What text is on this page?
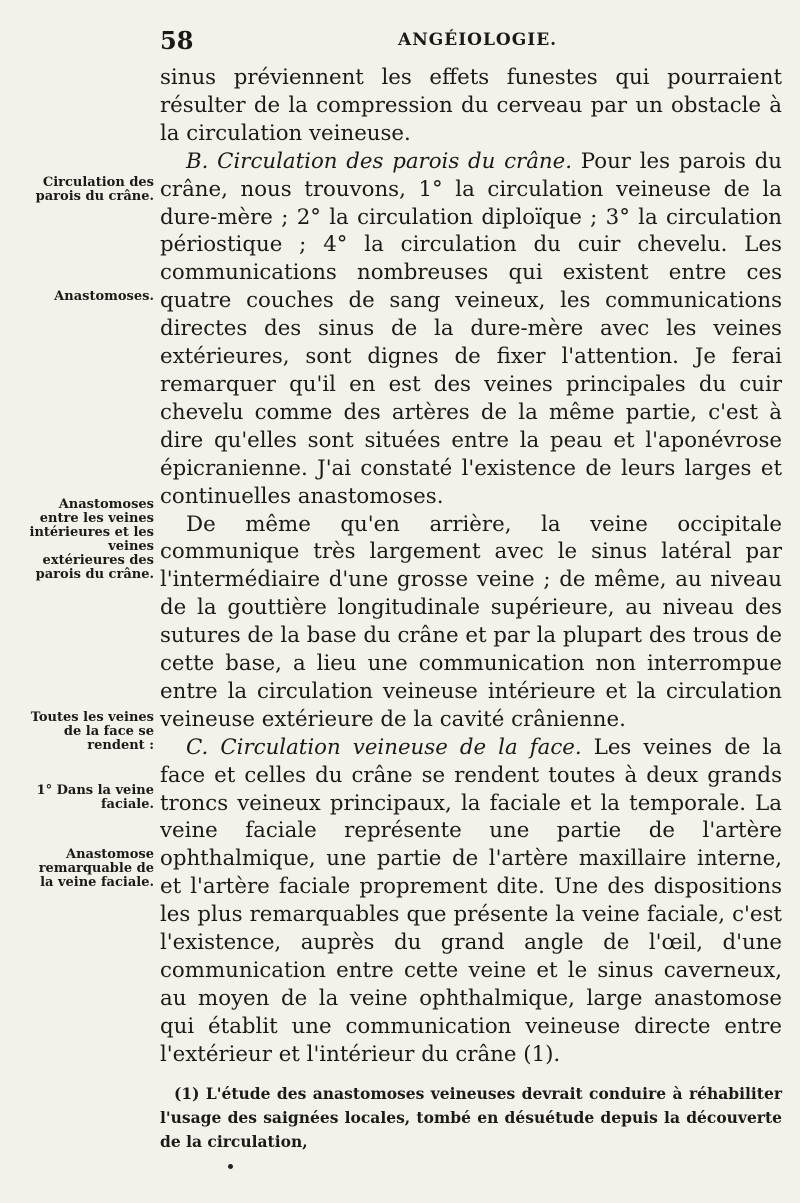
58	ANGÉIOLOGIE.
Circulation des parois du crâne.
Anastomoses.
Anastomoses entre les veines intérieures et les veines extérieures des parois du crâne.
Toutes les veines de la face se rendent :
1° Dans la veine faciale.
Anastomose remarquable de la veine faciale.

sinus préviennent les effets funestes qui pourraient résulter de la compression du cerveau par un obstacle à la circulation veineuse.

B. Circulation des parois du crâne. Pour les parois du crâne, nous trouvons, 1° la circulation veineuse de la dure-mère ; 2° la circulation diploïque ; 3° la circulation périostique ; 4° la circulation du cuir chevelu. Les communications nombreuses qui existent entre ces quatre couches de sang veineux, les communications directes des sinus de la dure-mère avec les veines extérieures, sont dignes de fixer l'attention. Je ferai remarquer qu'il en est des veines principales du cuir chevelu comme des artères de la même partie, c'est à dire qu'elles sont situées entre la peau et l'aponévrose épicranienne. J'ai constaté l'existence de leurs larges et continuelles anastomoses.

De même qu'en arrière, la veine occipitale communique très largement avec le sinus latéral par l'intermédiaire d'une grosse veine ; de même, au niveau de la gouttière longitudinale supérieure, au niveau des sutures de la base du crâne et par la plupart des trous de cette base, a lieu une communication non interrompue entre la circulation veineuse intérieure et la circulation veineuse extérieure de la cavité crânienne.

C. Circulation veineuse de la face. Les veines de la face et celles du crâne se rendent toutes à deux grands troncs veineux principaux, la faciale et la temporale. La veine faciale représente une partie de l'artère ophthalmique, une partie de l'artère maxillaire interne, et l'artère faciale proprement dite. Une des dispositions les plus remarquables que présente la veine faciale, c'est l'existence, auprès du grand angle de l'œil, d'une communication entre cette veine et le sinus caverneux, au moyen de la veine ophthalmique, large anastomose qui établit une communication veineuse directe entre l'extérieur et l'intérieur du crâne (1).

(1) L'étude des anastomoses veineuses devrait conduire à réhabiliter l'usage des saignées locales, tombé en désuétude depuis la découverte de la circulation,
